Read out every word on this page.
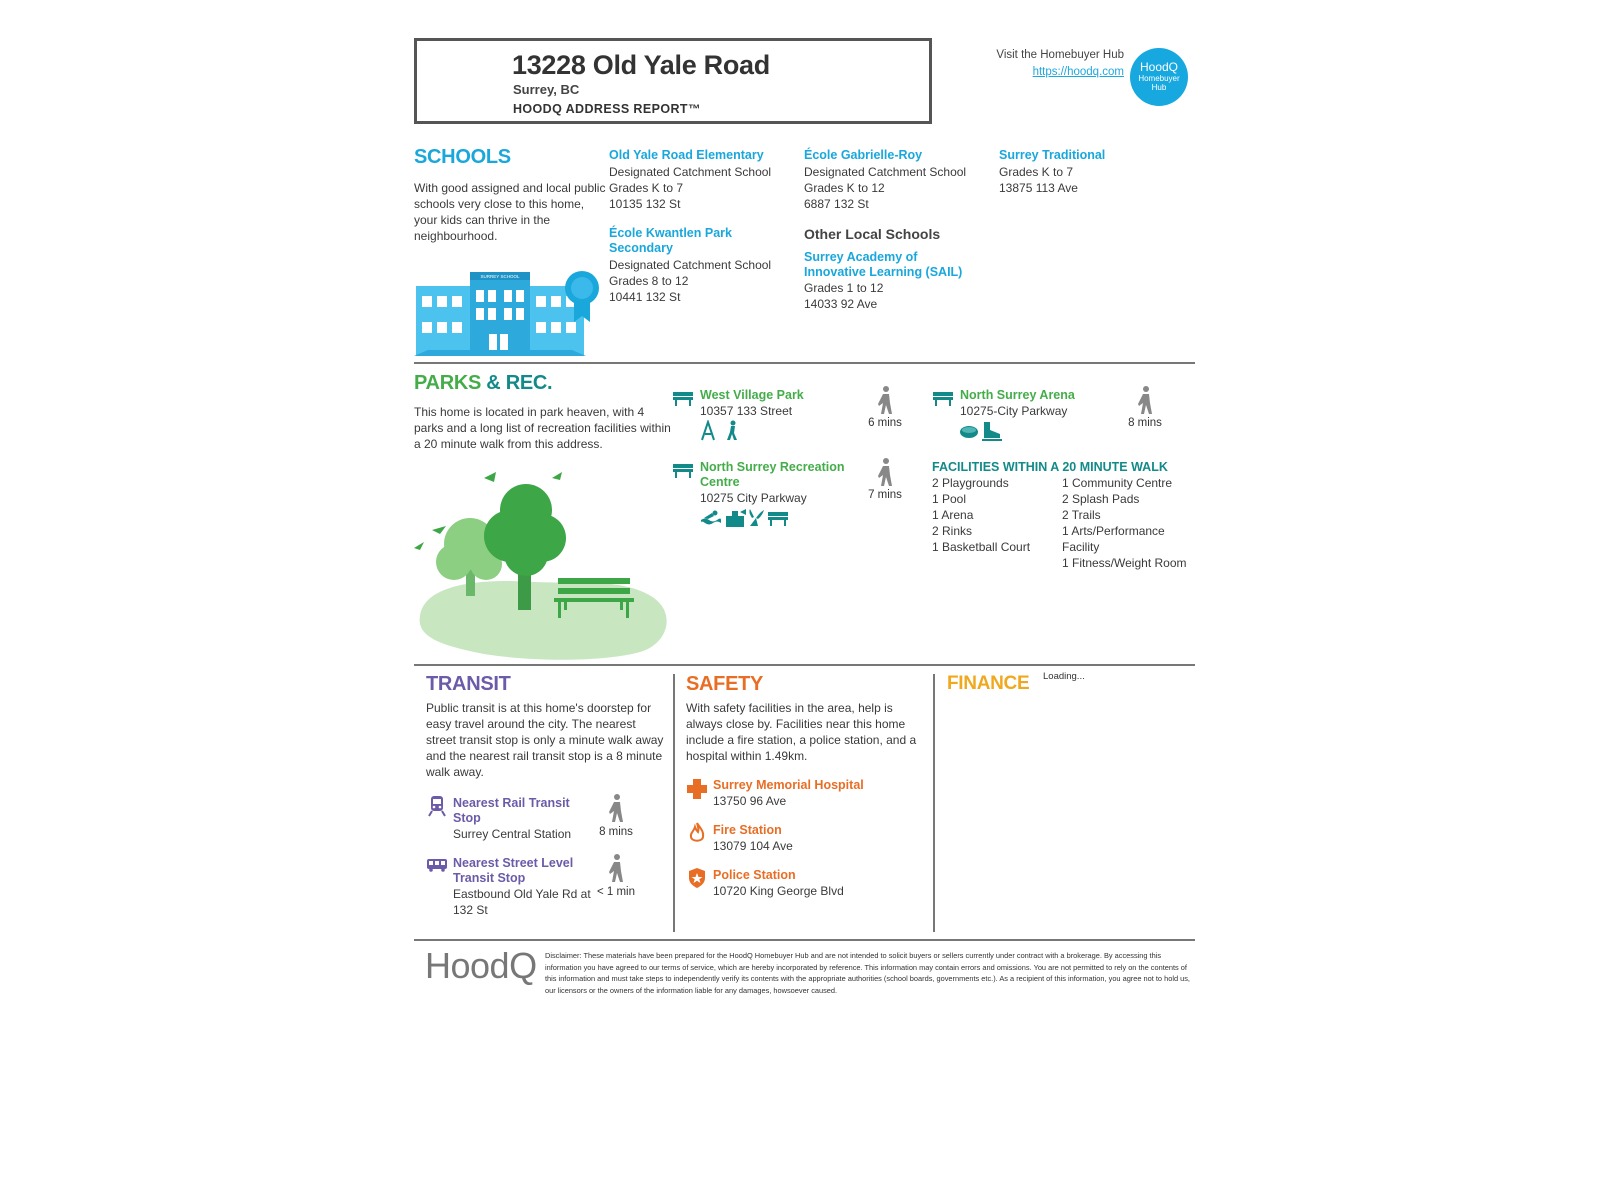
13228 Old Yale Road
Surrey, BC
HOODQ ADDRESS REPORT™
Visit the Homebuyer Hub
https://hoodq.com	HoodQ
Homebuyer Hub
SCHOOLS
With good assigned and local public schools very close to this home, your kids can thrive in the neighbourhood.
SURREY SCHOOL
Old Yale Road Elementary
Designated Catchment School
Grades K to 7
10135 132 St
École Kwantlen Park Secondary
Designated Catchment School
Grades 8 to 12
10441 132 St
École Gabrielle-Roy
Designated Catchment School
Grades K to 12
6887 132 St
Other Local Schools
Surrey Academy of Innovative Learning (SAIL)
Grades 1 to 12
14033 92 Ave
Surrey Traditional
Grades K to 7
13875 113 Ave
PARKS & REC.
This home is located in park heaven, with 4 parks and a long list of recreation facilities within a 20 minute walk from this address.
West Village Park
10357 133 Street
6 mins
North Surrey Arena
10275-City Parkway
8 mins
North Surrey Recreation Centre
10275 City Parkway	7 mins
FACILITIES WITHIN A 20 MINUTE WALK
2 Playgrounds
1 Pool
1 Arena
2 Rinks
1 Basketball Court
1 Community Centre
2 Splash Pads
2 Trails
1 Arts/Performance Facility
1 Fitness/Weight Room
TRANSIT
Public transit is at this home's doorstep for easy travel around the city. The nearest street transit stop is only a minute walk away and the nearest rail transit stop is a 8 minute walk away.
Nearest Rail Transit Stop
Surrey Central Station	8 mins
Nearest Street Level Transit Stop
Eastbound Old Yale Rd at 132 St
< 1 min
SAFETY
With safety facilities in the area, help is always close by. Facilities near this home include a fire station, a police station, and a hospital within 1.49km.
Surrey Memorial Hospital
13750 96 Ave
Fire Station
13079 104 Ave
Police Station
10720 King George Blvd
FINANCE Loading...
HoodQ Disclaimer: These materials have been prepared for the HoodQ Homebuyer Hub and are not intended to solicit buyers or sellers currently under contract with a brokerage. By accessing this information you have agreed to our terms of service, which are hereby incorporated by reference. This information may contain errors and omissions. You are not permitted to rely on the contents of this information and must take steps to independently verify its contents with the appropriate authorities (school boards, governments etc.). As a recipient of this information, you agree not to hold us, our licensors or the owners of the information liable for any damages, howsoever caused.
